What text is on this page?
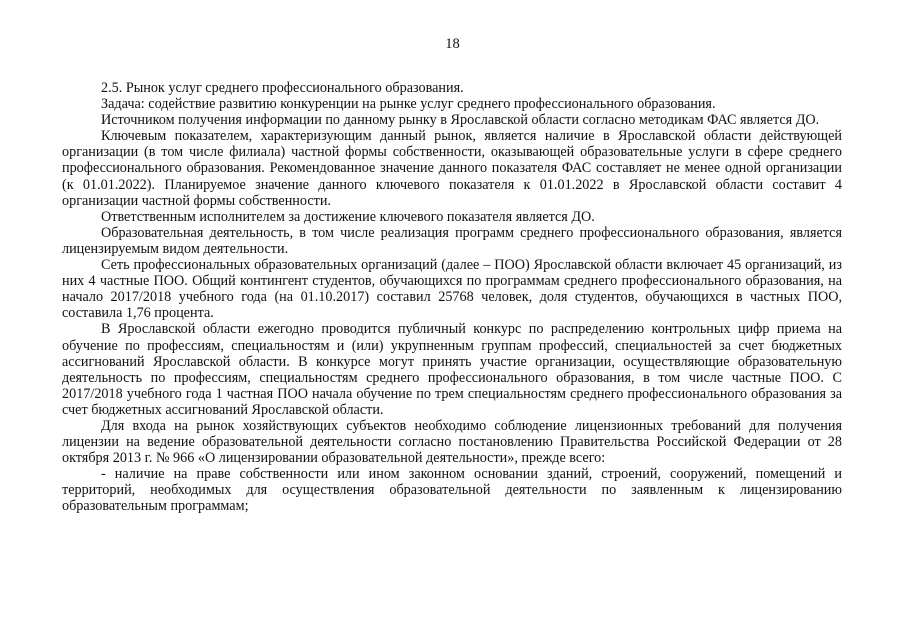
18

2.5. Рынок услуг среднего профессионального образования.

Задача: содействие развитию конкуренции на рынке услуг среднего профессионального образования.

Источником получения информации по данному рынку в Ярославской области согласно методикам ФАС является ДО.

Ключевым показателем, характеризующим данный рынок, является наличие в Ярославской области действующей организации (в том числе филиала) частной формы собственности, оказывающей образовательные услуги в сфере среднего профессионального образования. Рекомендованное значение данного показателя ФАС составляет не менее одной организации (к 01.01.2022). Планируемое значение данного ключевого показателя к 01.01.2022 в Ярославской области составит 4 организации частной формы собственности.

Ответственным исполнителем за достижение ключевого показателя является ДО.

Образовательная деятельность, в том числе реализация программ среднего профессионального образования, является лицензируемым видом деятельности.

Сеть профессиональных образовательных организаций (далее – ПОО) Ярославской области включает 45 организаций, из них 4 частные ПОО. Общий контингент студентов, обучающихся по программам среднего профессионального образования, на начало 2017/2018 учебного года (на 01.10.2017) составил 25768 человек, доля студентов, обучающихся в частных ПОО, составила 1,76 процента.

В Ярославской области ежегодно проводится публичный конкурс по распределению контрольных цифр приема на обучение по профессиям, специальностям и (или) укрупненным группам профессий, специальностей за счет бюджетных ассигнований Ярославской области. В конкурсе могут принять участие организации, осуществляющие образовательную деятельность по профессиям, специальностям среднего профессионального образования, в том числе частные ПОО. С 2017/2018 учебного года 1 частная ПОО начала обучение по трем специальностям среднего профессионального образования за счет бюджетных ассигнований Ярославской области.

Для входа на рынок хозяйствующих субъектов необходимо соблюдение лицензионных требований для получения лицензии на ведение образовательной деятельности согласно постановлению Правительства Российской Федерации от 28 октября 2013 г. № 966 «О лицензировании образовательной деятельности», прежде всего:

- наличие на праве собственности или ином законном основании зданий, строений, сооружений, помещений и территорий, необходимых для осуществления образовательной деятельности по заявленным к лицензированию образовательным программам;
